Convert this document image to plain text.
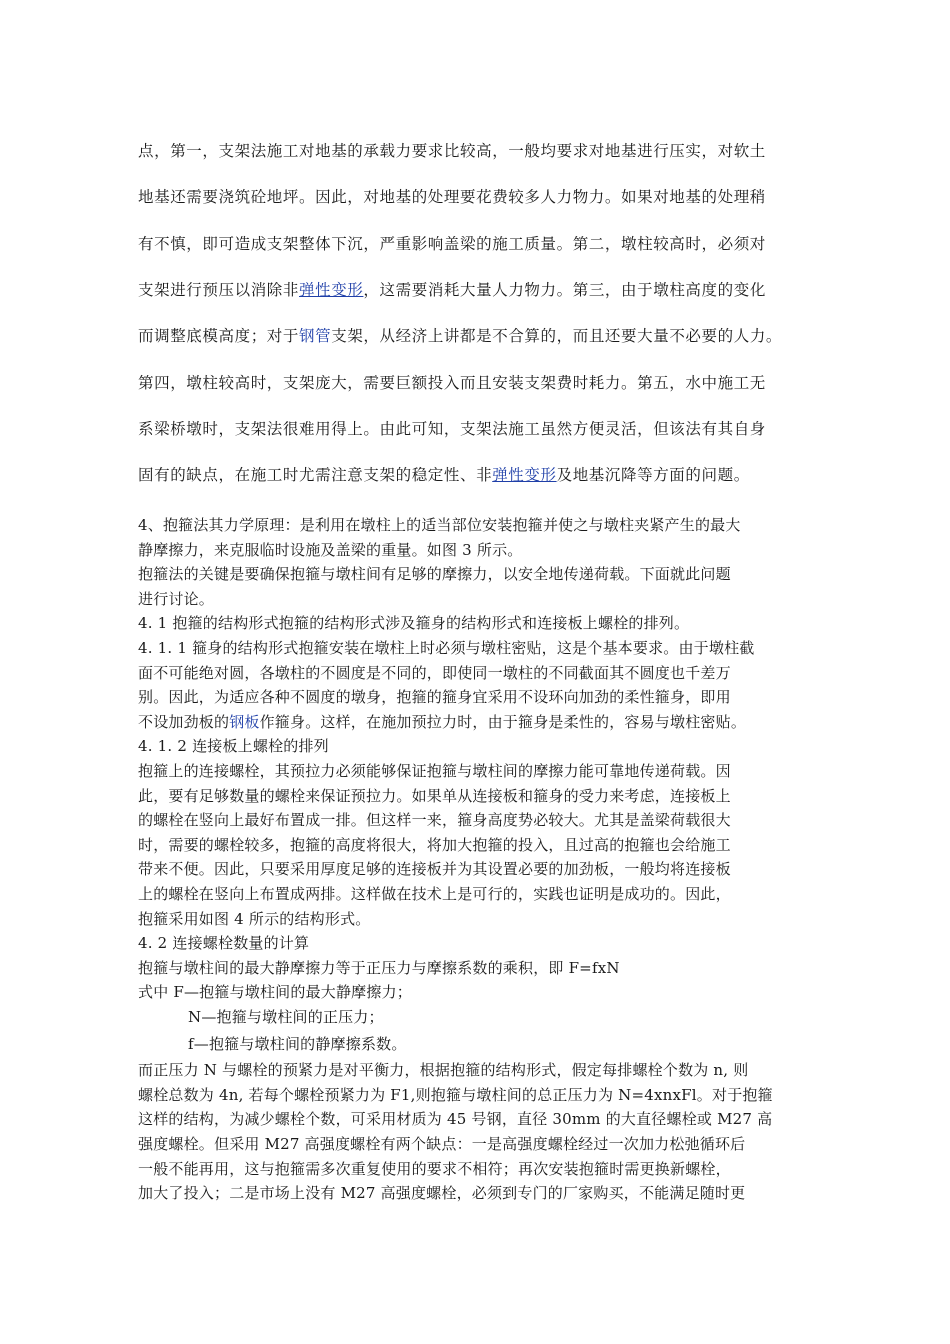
点，第一，支架法施工对地基的承载力要求比较高，一般均要求对地基进行压实，对软土
地基还需要浇筑砼地坪。因此，对地基的处理要花费较多人力物力。如果对地基的处理稍
有不慎，即可造成支架整体下沉，严重影响盖梁的施工质量。第二，墩柱较高时，必须对
支架进行预压以消除非弹性变形，这需要消耗大量人力物力。第三，由于墩柱高度的变化
而调整底模高度；对于钢管支架，从经济上讲都是不合算的，而且还要大量不必要的人力。
第四，墩柱较高时，支架庞大，需要巨额投入而且安装支架费时耗力。第五，水中施工无
系梁桥墩时，支架法很难用得上。由此可知，支架法施工虽然方便灵活，但该法有其自身
固有的缺点，在施工时尤需注意支架的稳定性、非弹性变形及地基沉降等方面的问题。
4、抱箍法其力学原理：是利用在墩柱上的适当部位安装抱箍并使之与墩柱夹紧产生的最大
静摩擦力，来克服临时设施及盖梁的重量。如图 3 所示。
抱箍法的关键是要确保抱箍与墩柱间有足够的摩擦力，以安全地传递荷载。下面就此问题
进行讨论。
4. 1 抱箍的结构形式抱箍的结构形式涉及箍身的结构形式和连接板上螺栓的排列。
4. 1. 1 箍身的结构形式抱箍安装在墩柱上时必须与墩柱密贴，这是个基本要求。由于墩柱截
面不可能绝对圆，各墩柱的不圆度是不同的，即使同一墩柱的不同截面其不圆度也千差万
别。因此，为适应各种不圆度的墩身，抱箍的箍身宜采用不设环向加劲的柔性箍身，即用
不设加劲板的钢板作箍身。这样，在施加预拉力时，由于箍身是柔性的，容易与墩柱密贴。
4. 1. 2 连接板上螺栓的排列
抱箍上的连接螺栓，其预拉力必须能够保证抱箍与墩柱间的摩擦力能可靠地传递荷载。因
此，要有足够数量的螺栓来保证预拉力。如果单从连接板和箍身的受力来考虑，连接板上
的螺栓在竖向上最好布置成一排。但这样一来，箍身高度势必较大。尤其是盖梁荷载很大
时，需要的螺栓较多，抱箍的高度将很大，将加大抱箍的投入，且过高的抱箍也会给施工
带来不便。因此，只要采用厚度足够的连接板并为其设置必要的加劲板，一般均将连接板
上的螺栓在竖向上布置成两排。这样做在技术上是可行的，实践也证明是成功的。因此，
抱箍采用如图 4 所示的结构形式。
4. 2 连接螺栓数量的计算
抱箍与墩柱间的最大静摩擦力等于正压力与摩擦系数的乘积，即 F=fxN
式中 F—抱箍与墩柱间的最大静摩擦力；
N—抱箍与墩柱间的正压力；
f—抱箍与墩柱间的静摩擦系数。
而正压力 N 与螺栓的预紧力是对平衡力，根据抱箍的结构形式，假定每排螺栓个数为 n, 则
螺栓总数为 4n, 若每个螺栓预紧力为 F1,则抱箍与墩柱间的总正压力为 N=4xnxFl。对于抱箍
这样的结构，为减少螺栓个数，可采用材质为 45 号钢，直径 30mm 的大直径螺栓或 M27 高
强度螺栓。但采用 M27 高强度螺栓有两个缺点：一是高强度螺栓经过一次加力松弛循环后
一般不能再用，这与抱箍需多次重复使用的要求不相符；再次安装抱箍时需更换新螺栓，
加大了投入；二是市场上没有 M27 高强度螺栓，必须到专门的厂家购买，不能满足随时更
